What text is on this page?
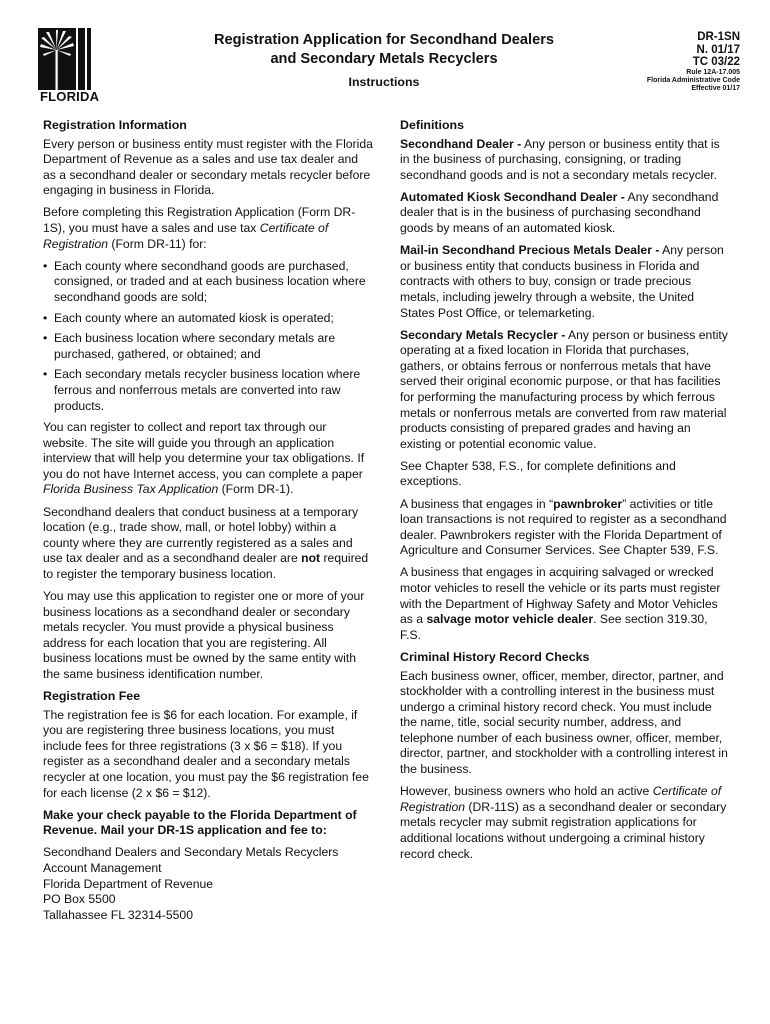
FLORIDA
Registration Application for Secondhand Dealers
and Secondary Metals Recyclers
Instructions
DR-1SN
N. 01/17
TC 03/22
Rule 12A-17.005
Florida Administrative Code
Effective 01/17
Registration Information

Every person or business entity must register with the Florida Department of Revenue as a sales and use tax dealer and as a secondhand dealer or secondary metals recycler before engaging in business in Florida.

Before completing this Registration Application (Form DR-1S), you must have a sales and use tax Certificate of Registration (Form DR-11) for:

• Each county where secondhand goods are purchased, consigned, or traded and at each business location where secondhand goods are sold;
• Each county where an automated kiosk is operated;
• Each business location where secondary metals are purchased, gathered, or obtained; and
• Each secondary metals recycler business location where ferrous and nonferrous metals are converted into raw products.

You can register to collect and report tax through our website. The site will guide you through an application interview that will help you determine your tax obligations. If you do not have Internet access, you can complete a paper Florida Business Tax Application (Form DR-1).

Secondhand dealers that conduct business at a temporary location (e.g., trade show, mall, or hotel lobby) within a county where they are currently registered as a sales and use tax dealer and as a secondhand dealer are not required to register the temporary business location.

You may use this application to register one or more of your business locations as a secondhand dealer or secondary metals recycler. You must provide a physical business address for each location that you are registering. All business locations must be owned by the same entity with the same business identification number.

Registration Fee

The registration fee is $6 for each location. For example, if you are registering three business locations, you must include fees for three registrations (3 x $6 = $18). If you register as a secondhand dealer and a secondary metals recycler at one location, you must pay the $6 registration fee for each license (2 x $6 = $12).

Make your check payable to the Florida Department of Revenue. Mail your DR-1S application and fee to:

Secondhand Dealers and Secondary Metals Recyclers

Account Management

Florida Department of Revenue

PO Box 5500

Tallahassee FL 32314-5500

Definitions

Secondhand Dealer - Any person or business entity that is in the business of purchasing, consigning, or trading secondhand goods and is not a secondary metals recycler.

Automated Kiosk Secondhand Dealer - Any secondhand dealer that is in the business of purchasing secondhand goods by means of an automated kiosk.

Mail-in Secondhand Precious Metals Dealer - Any person or business entity that conducts business in Florida and contracts with others to buy, consign or trade precious metals, including jewelry through a website, the United States Post Office, or telemarketing.

Secondary Metals Recycler - Any person or business entity operating at a fixed location in Florida that purchases, gathers, or obtains ferrous or nonferrous metals that have served their original economic purpose, or that has facilities for performing the manufacturing process by which ferrous metals or nonferrous metals are converted from raw material products consisting of prepared grades and having an existing or potential economic value.

See Chapter 538, F.S., for complete definitions and exceptions.

A business that engages in “pawnbroker” activities or title loan transactions is not required to register as a secondhand dealer. Pawnbrokers register with the Florida Department of Agriculture and Consumer Services. See Chapter 539, F.S.

A business that engages in acquiring salvaged or wrecked motor vehicles to resell the vehicle or its parts must register with the Department of Highway Safety and Motor Vehicles as a salvage motor vehicle dealer. See section 319.30, F.S.

Criminal History Record Checks

Each business owner, officer, member, director, partner, and stockholder with a controlling interest in the business must undergo a criminal history record check. You must include the name, title, social security number, address, and telephone number of each business owner, officer, member, director, partner, and stockholder with a controlling interest in the business.

However, business owners who hold an active Certificate of Registration (DR-11S) as a secondhand dealer or secondary metals recycler may submit registration applications for additional locations without undergoing a criminal history record check.
